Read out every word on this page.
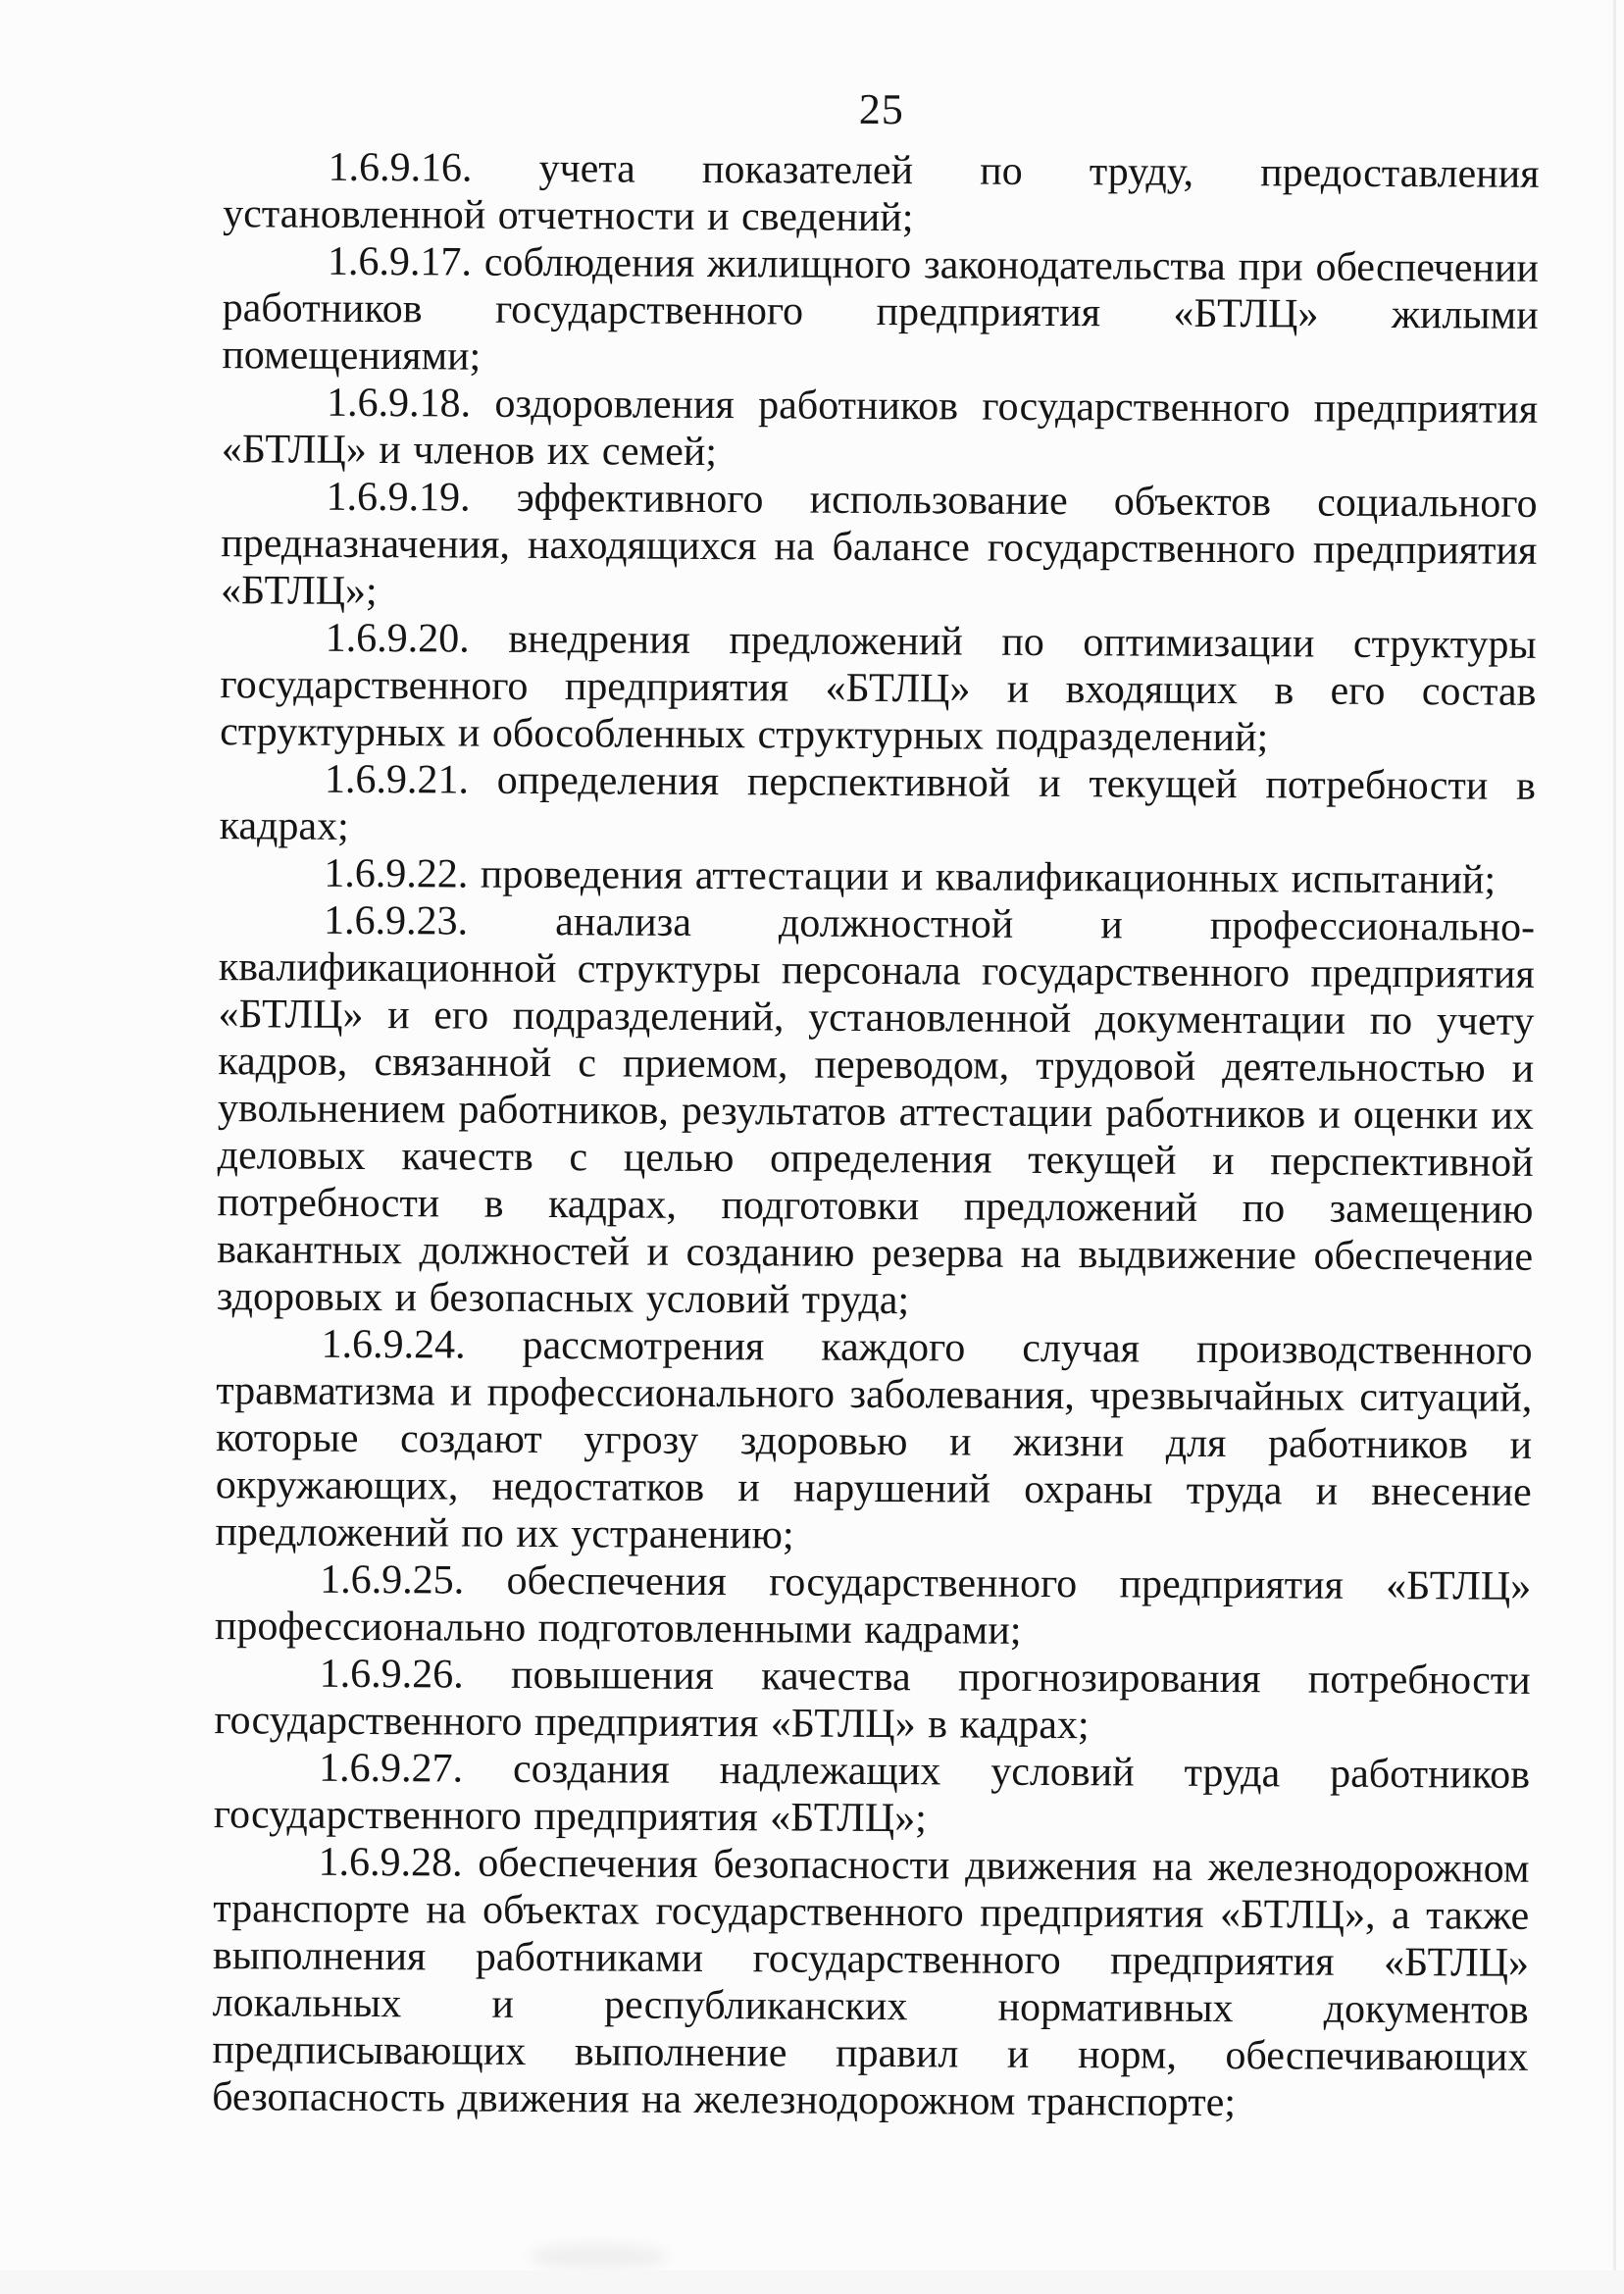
25

1.6.9.16. учета показателей по труду, предоставления установленной отчетности и сведений;

1.6.9.17. соблюдения жилищного законодательства при обеспечении работников государственного предприятия «БТЛЦ» жилыми помещениями;

1.6.9.18. оздоровления работников государственного предприятия «БТЛЦ» и членов их семей;

1.6.9.19. эффективного использование объектов социального предназначения, находящихся на балансе государственного предприятия «БТЛЦ»;

1.6.9.20. внедрения предложений по оптимизации структуры государственного предприятия «БТЛЦ» и входящих в его состав структурных и обособленных структурных подразделений;

1.6.9.21. определения перспективной и текущей потребности в кадрах;

1.6.9.22. проведения аттестации и квалификационных испытаний;

1.6.9.23. анализа должностной и профессионально-квалификационной структуры персонала государственного предприятия «БТЛЦ» и его подразделений, установленной документации по учету кадров, связанной с приемом, переводом, трудовой деятельностью и увольнением работников, результатов аттестации работников и оценки их деловых качеств с целью определения текущей и перспективной потребности в кадрах, подготовки предложений по замещению вакантных должностей и созданию резерва на выдвижение обеспечение здоровых и безопасных условий труда;

1.6.9.24. рассмотрения каждого случая производственного травматизма и профессионального заболевания, чрезвычайных ситуаций, которые создают угрозу здоровью и жизни для работников и окружающих, недостатков и нарушений охраны труда и внесение предложений по их устранению;

1.6.9.25. обеспечения государственного предприятия «БТЛЦ» профессионально подготовленными кадрами;

1.6.9.26. повышения качества прогнозирования потребности государственного предприятия «БТЛЦ» в кадрах;

1.6.9.27. создания надлежащих условий труда работников государственного предприятия «БТЛЦ»;

1.6.9.28. обеспечения безопасности движения на железнодорожном транспорте на объектах государственного предприятия «БТЛЦ», а также выполнения работниками государственного предприятия «БТЛЦ» локальных и республиканских нормативных документов предписывающих выполнение правил и норм, обеспечивающих безопасность движения на железнодорожном транспорте;
